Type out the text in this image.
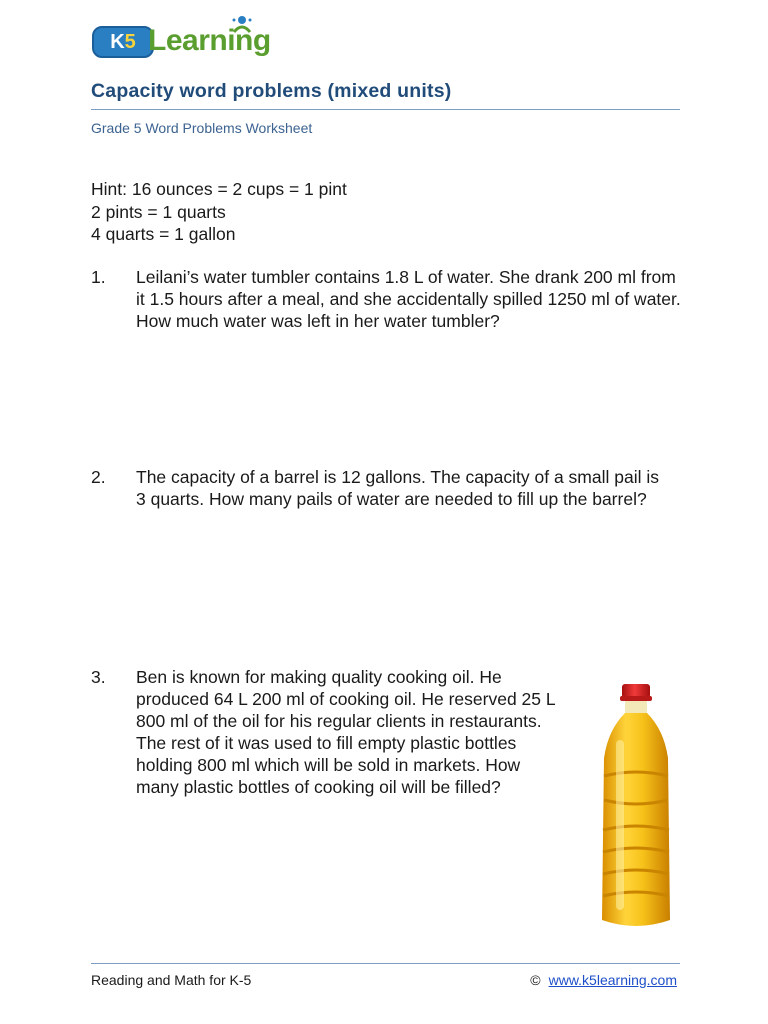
K5 Learning
Capacity word problems (mixed units)
Grade 5 Word Problems Worksheet
Hint: 16 ounces = 2 cups = 1 pint
2 pints = 1 quarts
4 quarts = 1 gallon
1.	Leilani’s water tumbler contains 1.8 L of water. She drank 200 ml from it 1.5 hours after a meal, and she accidentally spilled 1250 ml of water. How much water was left in her water tumbler?
2.	The capacity of a barrel is 12 gallons. The capacity of a small pail is 3 quarts. How many pails of water are needed to fill up the barrel?
3.	Ben is known for making quality cooking oil. He produced 64 L 200 ml of cooking oil. He reserved 25 L 800 ml of the oil for his regular clients in restaurants. The rest of it was used to fill empty plastic bottles holding 800 ml which will be sold in markets. How many plastic bottles of cooking oil will be filled?
Reading and Math for K-5	© www.k5learning.com
